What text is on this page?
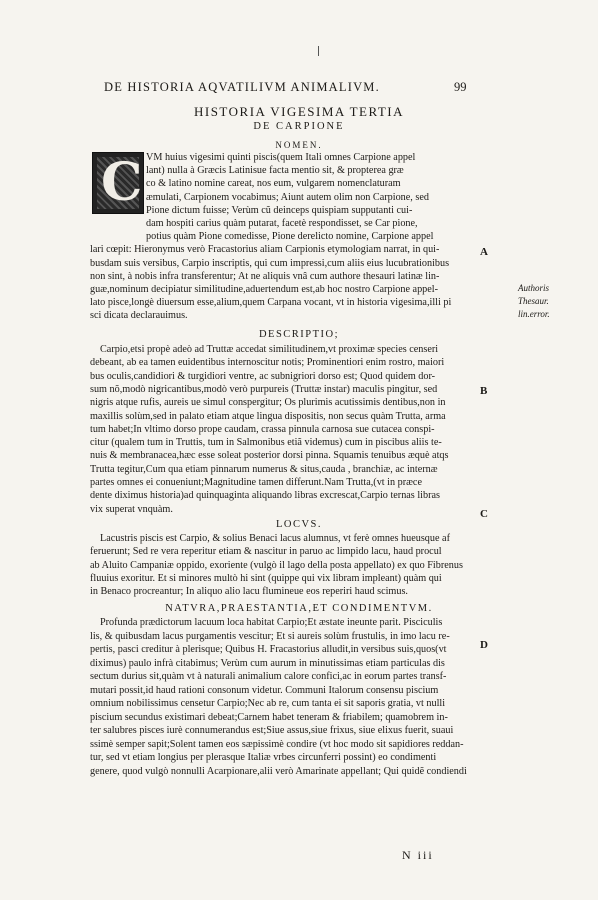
DE HISTORIA AQVATILIVM ANIMALIVM.	99
HISTORIA VIGESIMA TERTIA
DE CARPIONE
NOMEN.
C VM huius vigesimi quinti piscis(quem Itali omnes Carpione appel
lant) nulla à Græcis Latinisue facta mentio sit, & propterea græ
co & latino nomine careat, nos eum, vulgarem nomenclaturam
æmulati, Carpionem vocabimus; Aiunt autem olim non Carpione, sed
Pione dictum fuisse; Verùm cũ deinceps quispiam supputanti cui-
dam hospiti carius quàm putarat, facetè respondisset, se Car pione,
potius quàm Pione comedisse, Pione derelicto nomine, Carpione appel
lari cœpit: Hieronymus verò Fracastorius aliam Carpionis etymologiam narrat, in qui-
busdam suis versibus, Carpio inscriptis, qui cum impressi,cum aliis eius lucubrationibus
non sint, à nobis infra transferentur; At ne aliquis vnâ cum authore thesauri latinæ lin-
guæ,nominum decipiatur similitudine,aduertendum est,ab hoc nostro Carpione appel-
lato pisce,longè diuersum esse,alium,quem Carpana vocant, vt in historia vigesima,illi pi
sci dicata declarauimus.
DESCRIPTIO;
Carpio,etsi propè adeò ad Truttæ accedat similitudinem,vt proximæ species censeri
debeant, ab ea tamen euidentibus internoscitur notis; Prominentiori enim rostro, maiori
bus oculis,candidiori & turgidiori ventre, ac subnigriori dorso est; Quod quidem dor-
sum nõ,modò nigricantibus,modò verò purpureis (Truttæ instar) maculis pingitur, sed
nigris atque rufis, aureis ue simul conspergitur; Os plurimis acutissimis dentibus,non in
maxillis solùm,sed in palato etiam atque lingua dispositis, non secus quàm Trutta, arma
tum habet;In vltimo dorso prope caudam, crassa pinnula carnosa sue cutacea conspi-
citur (qualem tum in Truttis, tum in Salmonibus etiã videmus) cum in piscibus aliis te-
nuis & membranacea,hæc esse soleat posterior dorsi pinna. Squamis tenuibus æquè atqs
Trutta tegitur,Cum qua etiam pinnarum numerus & situs,cauda , branchiæ, ac internæ
partes omnes ei conueniunt;Magnitudine tamen differunt.Nam Trutta,(vt in præce
dente diximus historia)ad quinquaginta aliquando libras excrescat,Carpio ternas libras
vix superat vnquàm.
LOCVS.
Lacustris piscis est Carpio, & solius Benaci lacus alumnus, vt ferè omnes hueusque af
feruerunt; Sed re vera reperitur etiam & nascitur in paruo ac limpido lacu, haud procul
ab Aluito Campaniæ oppido, exoriente (vulgò il lago della posta appellato) ex quo Fibrenus
fluuius exoritur. Et si minores multò hi sint (quippe qui vix libram impleant) quàm qui
in Benaco procreantur; In aliquo alio lacu flumineue eos reperiri haud scimus.
NATVRA,PRAESTANTIA,ET CONDIMENTVM.
Profunda prædictorum lacuum loca habitat Carpio;Et æstate ineunte parit. Pisciculis
lis, & quibusdam lacus purgamentis vescitur; Et si aureis solùm frustulis, in imo lacu re-
pertis, pasci creditur à plerisque; Quibus H. Fracastorius alludit,in versibus suis,quos(vt
diximus) paulo infrà citabimus; Verùm cum aurum in minutissimas etiam particulas dis
sectum durius sit,quàm vt à naturali animalium calore confici,ac in eorum partes transf-
mutari possit,id haud rationi consonum videtur. Communi Italorum consensu piscium
omnium nobilissimus censetur Carpio;Nec ab re, cum tanta ei sit saporis gratia, vt nulli
piscium secundus existimari debeat;Carnem habet teneram & friabilem; quamobrem in-
ter salubres pisces iurè connumerandus est;Siue assus,siue frixus, siue elixus fuerit, suaui
ssimè semper sapit;Solent tamen eos sæpissimè condire (vt hoc modo sit sapidiores reddan-
tur, sed vt etiam longius per plerasque Italiæ vrbes circunferri possint) eo condimenti
genere, quod vulgò nonnulli Acarpionare,alii verò Amarinate appellant; Qui quidẽ condiendi
A
Authoris
Thesaur.
lin.error.
B
C
D
N iii
